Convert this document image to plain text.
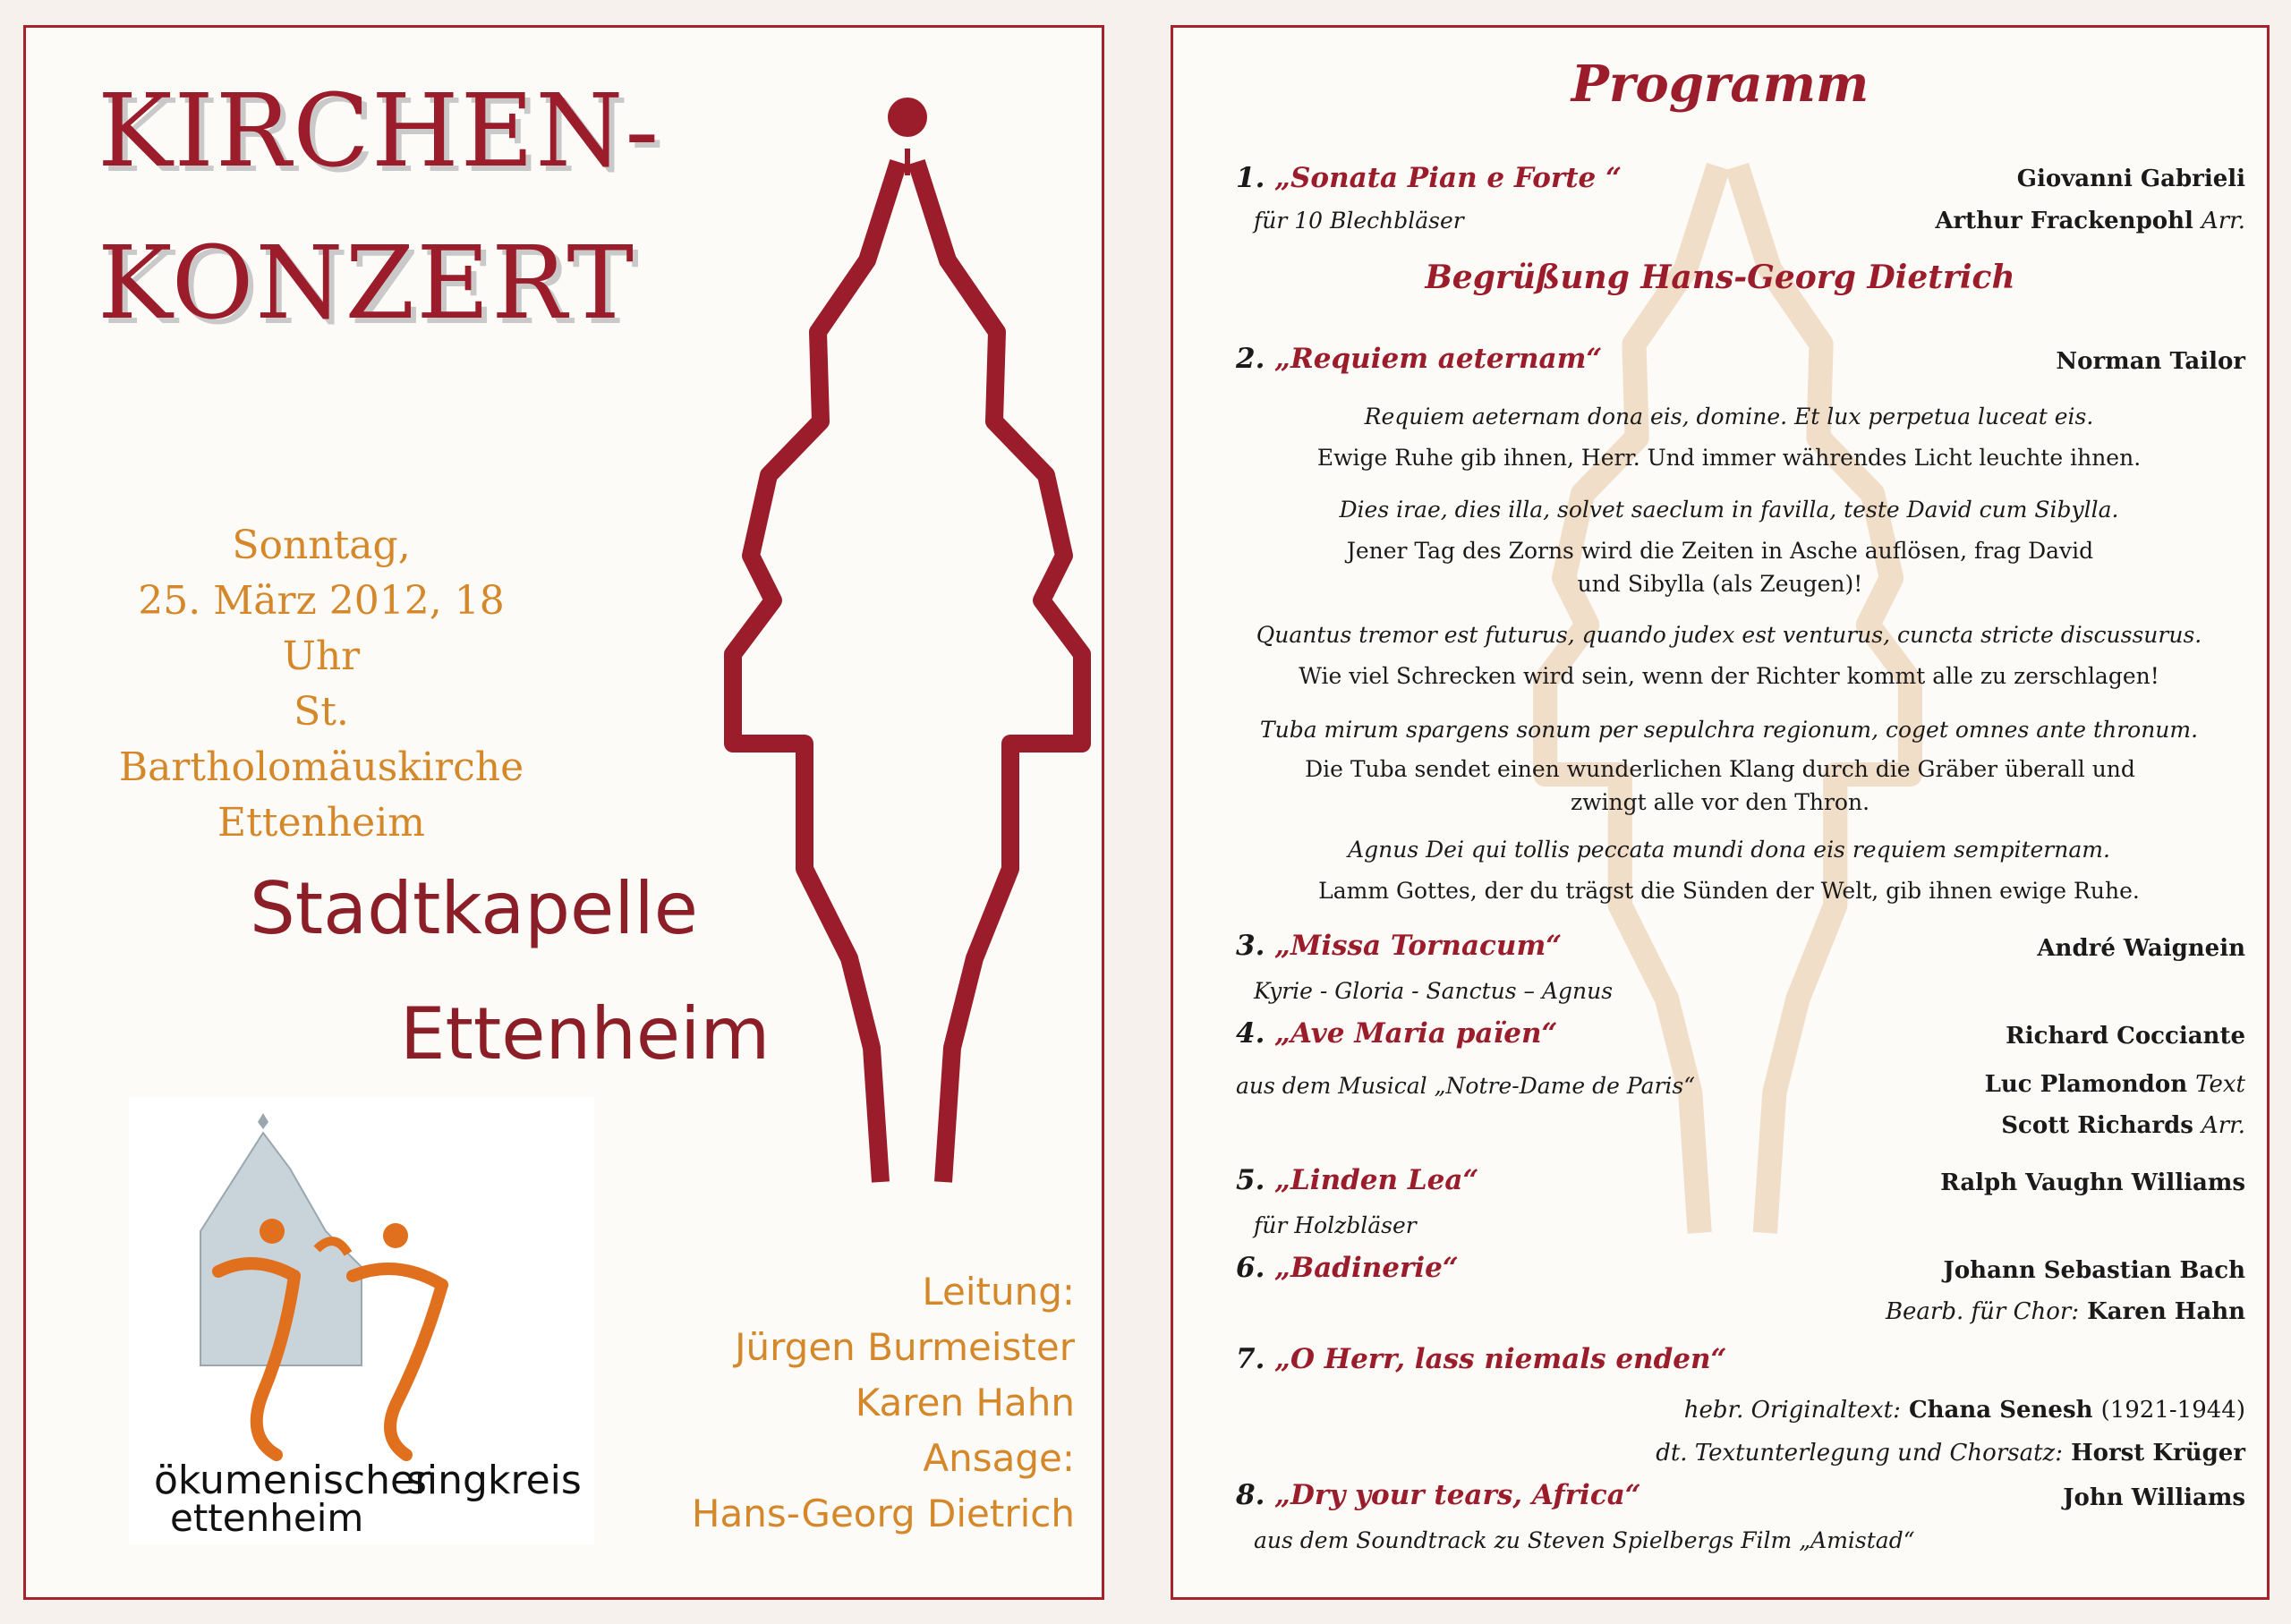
KIRCHEN-
KONZERT
Sonntag,
25. März 2012, 18 Uhr
St. Bartholomäuskirche
Ettenheim
Stadtkapelle
Ettenheim
ökumenischer
singkreis
ettenheim
Leitung:
Jürgen Burmeister
Karen Hahn
Ansage:
Hans-Georg Dietrich
Programm
1. „Sonata Pian e Forte “	Giovanni Gabrieli
für 10 Blechbläser	Arthur Frackenpohl Arr.
Begrüßung Hans-Georg Dietrich
2. „Requiem aeternam“	Norman Tailor
Requiem aeternam dona eis, domine. Et lux perpetua luceat eis.
Ewige Ruhe gib ihnen, Herr. Und immer währendes Licht leuchte ihnen.
Dies irae, dies illa, solvet saeclum in favilla, teste David cum Sibylla.
Jener Tag des Zorns wird die Zeiten in Asche auflösen, frag David und Sibylla (als Zeugen)!
Quantus tremor est futurus, quando judex est venturus, cuncta stricte discussurus.
Wie viel Schrecken wird sein, wenn der Richter kommt alle zu zerschlagen!
Tuba mirum spargens sonum per sepulchra regionum, coget omnes ante thronum.
Die Tuba sendet einen wunderlichen Klang durch die Gräber überall und zwingt alle vor den Thron.
Agnus Dei qui tollis peccata mundi dona eis requiem sempiternam.
Lamm Gottes, der du trägst die Sünden der Welt, gib ihnen ewige Ruhe.
3. „Missa Tornacum“	André Waignein
Kyrie - Gloria - Sanctus – Agnus
4. „Ave Maria païen“	Richard Cocciante
aus dem Musical „Notre-Dame de Paris“	Luc Plamondon Text
Scott Richards Arr.
5. „Linden Lea“	Ralph Vaughn Williams
für Holzbläser
6. „Badinerie“	Johann Sebastian Bach
Bearb. für Chor: Karen Hahn
7. „O Herr, lass niemals enden“
hebr. Originaltext: Chana Senesh (1921-1944)
dt. Textunterlegung und Chorsatz: Horst Krüger
8. „Dry your tears, Africa“	John Williams
aus dem Soundtrack zu Steven Spielbergs Film „Amistad“
